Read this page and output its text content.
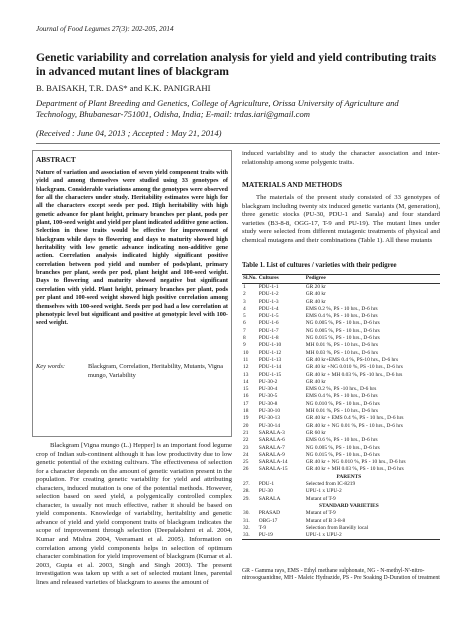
Journal of Food Legumes 27(3): 202-205, 2014
Genetic variability and correlation analysis for yield and yield contributing traits in advanced mutant lines of blackgram
B. BAISAKH, T.R. DAS* and K.K. PANIGRAHI
Department of Plant Breeding and Genetics, College of Agriculture, Orissa University of Agriculture and Technology, Bhubanesar-751001, Odisha, India; E-mail: trdas.iari@gmail.com
(Received : June 04, 2013 ; Accepted : May 21, 2014)
ABSTRACT
Nature of variation and association of seven yield component traits with yield and among themselves were studied using 33 genotypes of blackgram. Considerable variations among the genotypes were observed for all the characters under study. Heritability estimates were high for all the characters except seeds per pod. High heritability with high genetic advance for plant height, primary branches per plant, pods per plant, 100-seed weight and yield per plant indicated additive gene action. Selection in these traits would be effective for improvement of blackgram while days to flowering and days to maturity showed high heritability with low genetic advance indicating non-additive gene action. Correlation analysis indicated highly significant positive correlation between pod yield and number of pods/plant, primary branches per plant, seeds per pod, plant height and 100-seed weight. Days to flowering and maturity showed negative but significant correlation with yield. Plant height, primary branches per plant, pods per plant and 100-seed weight showed high positive correlation among themselves with 100-seed weight. Seeds per pod had a low correlation at phenotypic level but significant and positive at genotypic level with 100-seed weight.
Key words:	Blackgram, Correlation, Heritability, Mutants, Vigna mungo, Variability

Blackgram [Vigna mungo (L.) Hepper] is an important food legume crop of Indian sub-continent although it has low productivity due to low genetic potential of the existing cultivars. The effectiveness of selection for a character depends on the amount of genetic variation present in the population. For creating genetic variability for yield and attributing characters, induced mutation is one of the potential methods. However, selection based on seed yield, a polygenically controlled complex character, is usually not much effective, rather it should be based on yield components. Knowledge of variability, heritability and genetic advance of yield and yield component traits of blackgram indicates the scope of improvement through selection (Deepalakshmi et al. 2004, Kumar and Mishra 2004, Veeramani et al. 2005). Information on correlation among yield components helps in selection of optimum character combination for yield improvement of blackgram (Kumar et al. 2003, Gupta et al. 2003, Singh and Singh 2003). The present investigation was taken up with a set of selected mutant lines, parental lines and released varieties of blackgram to assess the amount of

induced variability and to study the character association and inter-relationship among some polygenic traits.
MATERIALS AND METHODS
The materials of the present study consisted of 33 genotypes of blackgram including twenty six induced genetic variants (M, generation), three genetic stocks (PU-30, PDU-1 and Sarala) and four standard varieties (B3-8-8, OGG-17, T-9 and PU-19). The mutant lines under study were selected from different mutagenic treatments of physical and chemical mutagens and their combinations (Table 1). All these mutants
Table 1. List of cultures / varieties with their pedigree
Sl.No.	Cultures	Pedigree
1	PDU-1-1	GR 20 kr
2	PDU-1-2	GR 40 kr
3	PDU-1-3	GR 40 kr
4	PDU-1-4	EMS 0.2 %, PS - 10 hrs., D-6 hrs
5	PDU-1-5	EMS 0.4 %, PS - 10 hrs., D-6 hrs
6	PDU-1-6	NG 0.005 %, PS - 10 hrs., D-6 hrs
7	PDU-1-7	NG 0.005 %, PS - 10 hrs., D-6 hrs
8	PDU-1-8	NG 0.015 %, PS - 10 hrs., D-6 hrs
9	PDU-1-10	MH 0.01 %, PS - 10 hrs., D-6 hrs
10	PDU-1-12	MH 0.03 %, PS - 10 hrs., D-6 hrs
11	PDU-1-13	GR 40 kr+EMS 0.4 %, PS-10 hrs., D-6 hrs
12	PDU-1-14	GR 40 kr +NG 0.010 %, PS -10 hrs., D-6 hrs
13	PDU-1-15	GR 40 kr + MH 0.03 %, PS -10 hrs., D-6 hrs
14	PU-30-2	GR 40 kr
15	PU-30-4	EMS 0.2 %, PS -10 hrs., D-6 hrs
16	PU-30-5	EMS 0.4 %, PS - 10 hrs., D-6 hrs
17	PU-30-8	NG 0.010 %, PS - 10 hrs., D-6 hrs
18	PU-30-10	MH 0.01 %, PS - 10 hrs., D-6 hrs
19	PU-30-13	GR 40 kr + EMS 0.4 %, PS - 10 hrs., D-6 hrs
20	PU-30-14	GR 40 kr + NG 0.01 %, PS - 10 hrs., D-6 hrs
21	SARALA-3	GR 60 kr
22	SARALA-6	EMS 0.6 %, PS - 10 hrs., D-6 hrs
23	SARALA-7	NG 0.005 %, PS - 10 hrs., D-6 hrs
24	SARALA-9	NG 0.015 %, PS - 10 hrs., D-6 hrs
25	SARALA-14	GR 40 kr + NG 0.010 %, PS - 10 hrs., D-6 hrs
26	SARALA-15	GR 40 kr + MH 0.03 %, PS - 10 hrs., D-6 hrs
	PARENTS	
27.	PDU-1	Selected from IC-8219
28.	PU-30	UPU-1 x UPU-2
29.	SARALA	Mutant of T-9
	STANDARD VARIETIES	
30.	PRASAD	Mutant of T-9
31.	OBG-17	Mutant of B 3-8-8
32.	T-9	Selection from Bareilly local
33.	PU-19	UPU-1 x UPU-2
GR - Gamma rays, EMS - Ethyl methane sulphonate, NG - N-methyl-N'-nitro-nitrosoguanidine, MH - Maleic Hydrazide, PS - Pre Soaking D-Duration of treatment
